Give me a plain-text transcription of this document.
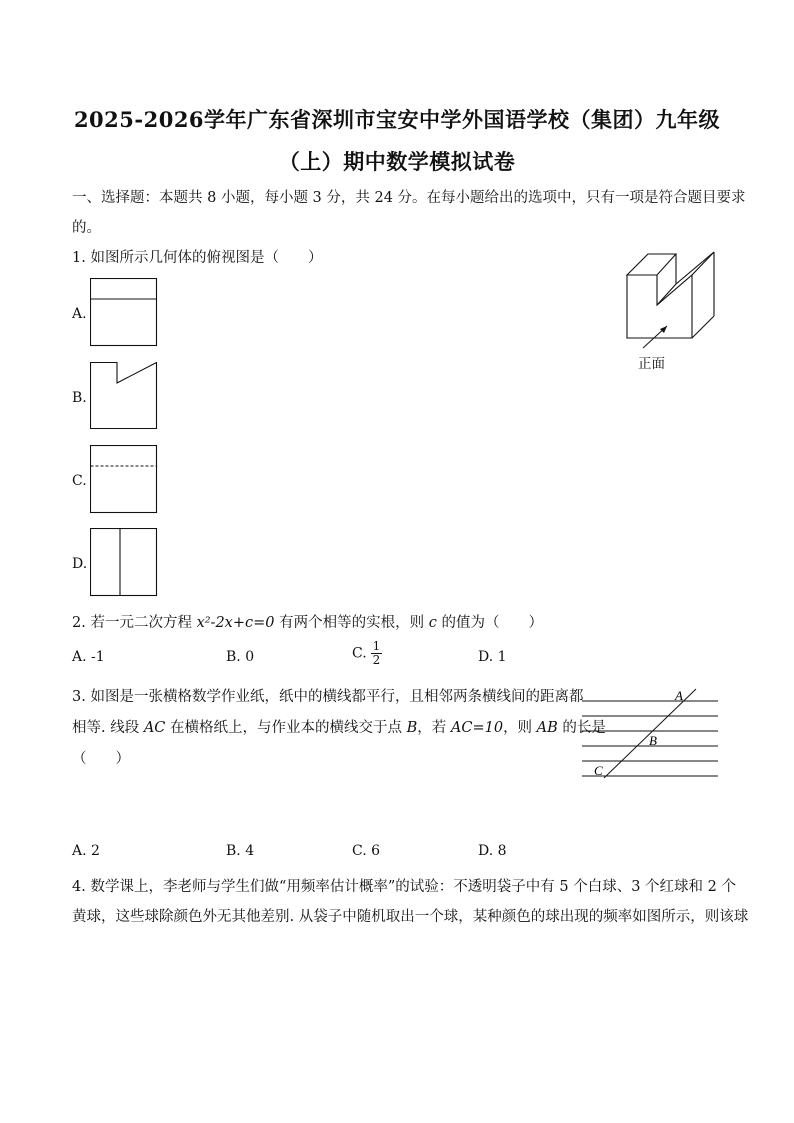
2025-2026学年广东省深圳市宝安中学外国语学校（集团）九年级
（上）期中数学模拟试卷
一、选择题：本题共 8 小题，每小题 3 分，共 24 分。在每小题给出的选项中，只有一项是符合题目要求
的。
1. 如图所示几何体的俯视图是（　　）
正面
A.
B.
C.
D.
2. 若一元二次方程 x²-2x+c=0 有两个相等的实根，则 c 的值为（　　）
A. -1	B. 0	C. $\frac{1}{2}$	D. 1
3. 如图是一张横格数学作业纸，纸中的横线都平行，且相邻两条横线间的距离都
相等. 线段 AC 在横格纸上，与作业本的横线交于点 B，若 AC=10，则 AB 的长是
（　　）
A
B
C
A. 2	B. 4	C. 6	D. 8
4. 数学课上，李老师与学生们做“用频率估计概率”的试验：不透明袋子中有 5 个白球、3 个红球和 2 个
黄球，这些球除颜色外无其他差别. 从袋子中随机取出一个球，某种颜色的球出现的频率如图所示，则该球
